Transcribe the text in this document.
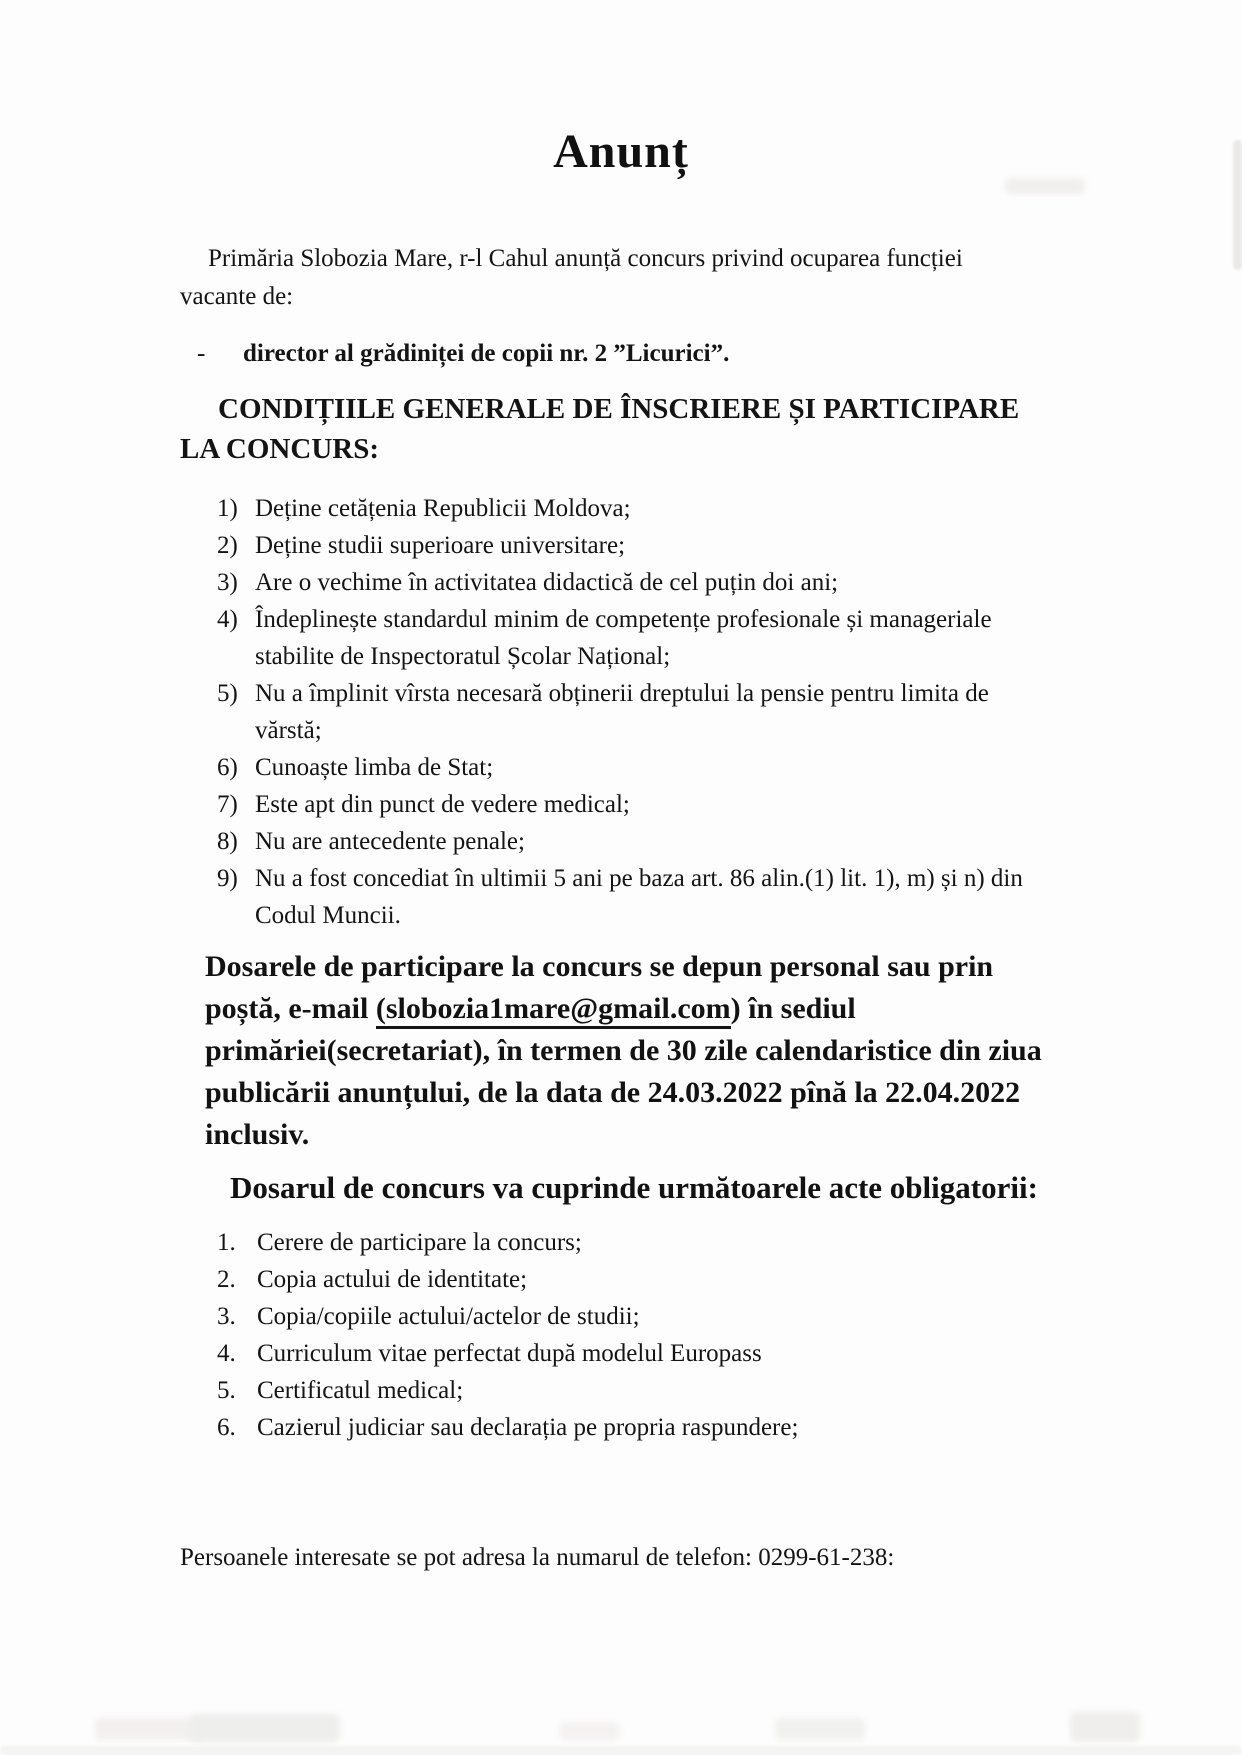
Anunț
Primăria Slobozia Mare, r-l Cahul anunță concurs privind ocuparea funcției
vacante de:
-	director al grădiniței de copii nr. 2 ”Licurici”.
CONDIȚIILE GENERALE DE ÎNSCRIERE ȘI PARTICIPARE
LA CONCURS:
1) Deține cetățenia Republicii Moldova;
2) Deține studii superioare universitare;
3) Are o vechime în activitatea didactică de cel puțin doi ani;
4) Îndeplinește standardul minim de competențe profesionale și manageriale
stabilite de Inspectoratul Școlar Național;
5) Nu a împlinit vîrsta necesară obținerii dreptului la pensie pentru limita de
vărstă;
6) Cunoaște limba de Stat;
7) Este apt din punct de vedere medical;
8) Nu are antecedente penale;
9) Nu a fost concediat în ultimii 5 ani pe baza art. 86 alin.(1) lit. 1), m) și n) din
Codul Muncii.
Dosarele de participare la concurs se depun personal sau prin
poștă, e-mail (slobozia1mare@gmail.com) în sediul
primăriei(secretariat), în termen de 30 zile calendaristice din ziua
publicării anunțului, de la data de 24.03.2022 pînă la 22.04.2022
inclusiv.
Dosarul de concurs va cuprinde următoarele acte obligatorii:
1. Cerere de participare la concurs;
2. Copia actului de identitate;
3. Copia/copiile actului/actelor de studii;
4. Curriculum vitae perfectat după modelul Europass
5. Certificatul medical;
6. Cazierul judiciar sau declarația pe propria raspundere;
Persoanele interesate se pot adresa la numarul de telefon: 0299-61-238:
